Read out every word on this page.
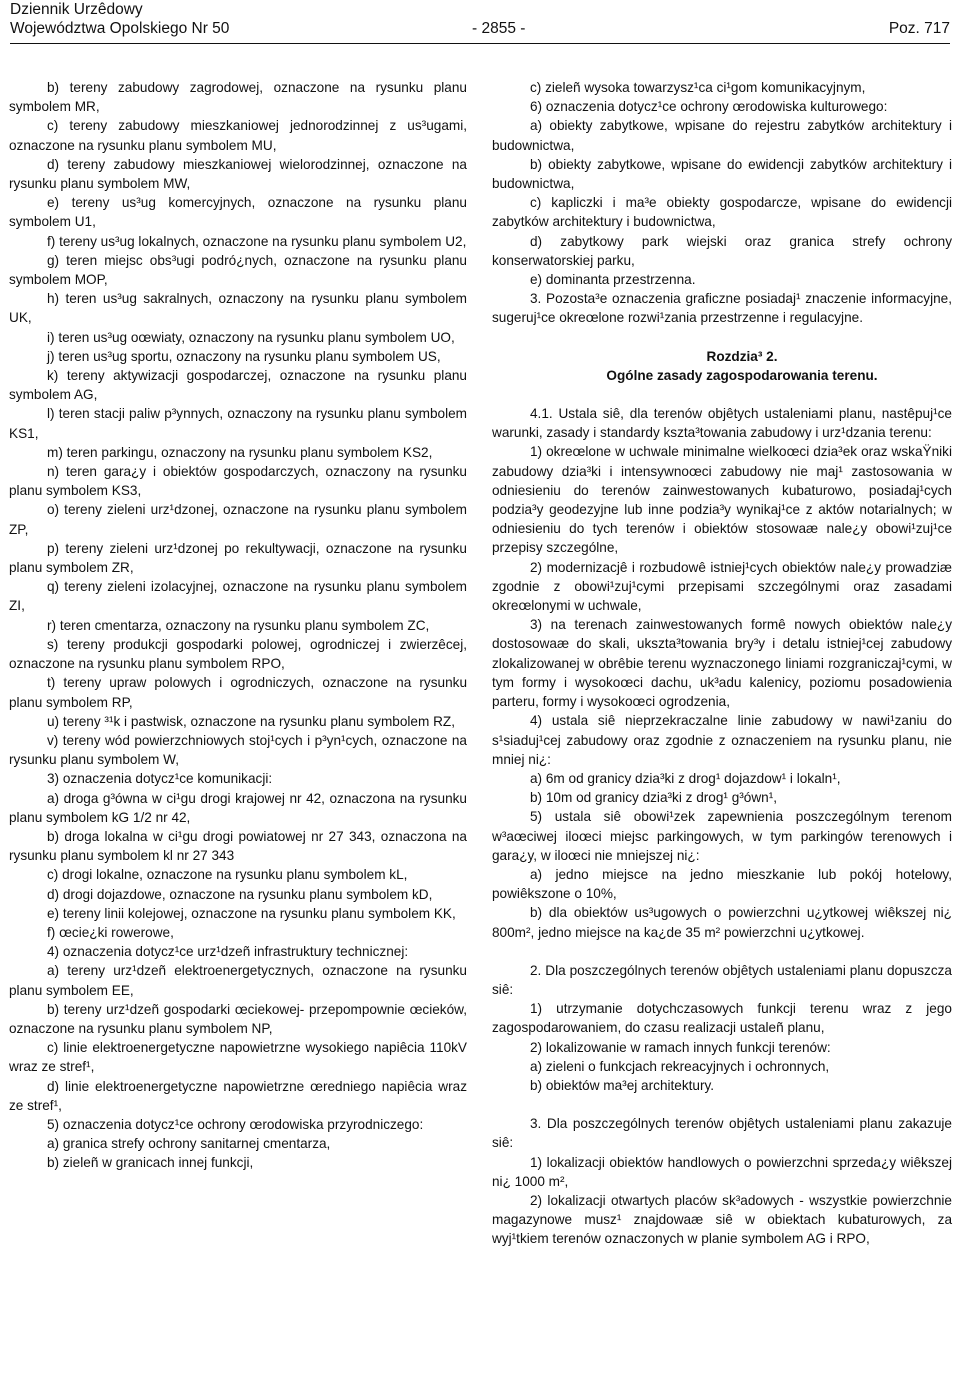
Dziennik Urzêdowy
Województwa Opolskiego Nr 50	- 2855 -	Poz. 717

b) tereny zabudowy zagrodowej, oznaczone na rysunku planu symbolem MR,

c) tereny zabudowy mieszkaniowej jednorodzinnej z us³ugami, oznaczone na rysunku planu symbolem MU,

d) tereny zabudowy mieszkaniowej wielorodzinnej, oznaczone na rysunku planu symbolem MW,

e) tereny us³ug komercyjnych, oznaczone na rysunku planu symbolem U1,

f) tereny us³ug lokalnych, oznaczone na rysunku planu symbolem U2,

g) teren miejsc obs³ugi podró¿nych, oznaczone na rysunku planu symbolem MOP,

h) teren us³ug sakralnych, oznaczony na rysunku planu symbolem UK,

i) teren us³ug oœwiaty, oznaczony na rysunku planu symbolem UO,

j) teren us³ug sportu, oznaczony na rysunku planu symbolem US,

k) tereny aktywizacji gospodarczej, oznaczone na rysunku planu symbolem AG,

l) teren stacji paliw p³ynnych, oznaczony na rysunku planu symbolem KS1,

m) teren parkingu, oznaczony na rysunku planu symbolem KS2,

n) teren gara¿y i obiektów gospodarczych, oznaczony na rysunku planu symbolem KS3,

o) tereny zieleni urz¹dzonej, oznaczone na rysunku planu symbolem ZP,

p) tereny zieleni urz¹dzonej po rekultywacji, oznaczone na rysunku planu symbolem ZR,

q) tereny zieleni izolacyjnej, oznaczone na rysunku planu symbolem ZI,

r) teren cmentarza, oznaczony na rysunku planu symbolem ZC,

s) tereny produkcji gospodarki polowej, ogrodniczej i zwierzêcej, oznaczone na rysunku planu symbolem RPO,

t) tereny upraw polowych i ogrodniczych, oznaczone na rysunku planu symbolem RP,

u) tereny ³¹k i pastwisk, oznaczone na rysunku planu symbolem RZ,

v) tereny wód powierzchniowych stoj¹cych i p³yn¹cych, oznaczone na rysunku planu symbolem W,

3) oznaczenia dotycz¹ce komunikacji:

a) droga g³ówna w ci¹gu drogi krajowej nr 42, oznaczona na rysunku planu symbolem kG 1/2 nr 42,

b) droga lokalna w ci¹gu drogi powiatowej nr 27 343, oznaczona na rysunku planu symbolem kl nr 27 343

c) drogi lokalne, oznaczone na rysunku planu symbolem kL,

d) drogi dojazdowe, oznaczone na rysunku planu symbolem kD,

e) tereny linii kolejowej, oznaczone na rysunku planu symbolem KK,

f) œcie¿ki rowerowe,

4) oznaczenia dotycz¹ce urz¹dzeñ infrastruktury technicznej:

a) tereny urz¹dzeñ elektroenergetycznych, oznaczone na rysunku planu symbolem EE,

b) tereny urz¹dzeñ gospodarki œciekowej- przepompownie œcieków, oznaczone na rysunku planu symbolem NP,

c) linie elektroenergetyczne napowietrzne wysokiego napiêcia 110kV wraz ze stref¹,

d) linie elektroenergetyczne napowietrzne œredniego napiêcia wraz ze stref¹,

5) oznaczenia dotycz¹ce ochrony œrodowiska przyrodniczego:

a) granica strefy ochrony sanitarnej cmentarza,

b) zieleñ w granicach innej funkcji,

c) zieleñ wysoka towarzysz¹ca ci¹gom komunikacyjnym,

6) oznaczenia dotycz¹ce ochrony œrodowiska kulturowego:

a) obiekty zabytkowe, wpisane do rejestru zabytków architektury i budownictwa,

b) obiekty zabytkowe, wpisane do ewidencji zabytków architektury i budownictwa,

c) kapliczki i ma³e obiekty gospodarcze, wpisane do ewidencji zabytków architektury i budownictwa,

d) zabytkowy park wiejski oraz granica strefy ochrony konserwatorskiej parku,

e) dominanta przestrzenna.

3. Pozosta³e oznaczenia graficzne posiadaj¹ znaczenie informacyjne, sugeruj¹ce okreœlone rozwi¹zania przestrzenne i regulacyjne.

Rozdzia³ 2.

Ogólne zasady zagospodarowania terenu.

4.1. Ustala siê, dla terenów objêtych ustaleniami planu, nastêpuj¹ce warunki, zasady i standardy kszta³towania zabudowy i urz¹dzania terenu:

1) okreœlone w uchwale minimalne wielkoœci dzia³ek oraz wskaŸniki zabudowy dzia³ki i intensywnoœci zabudowy nie maj¹ zastosowania w odniesieniu do terenów zainwestowanych kubaturowo, posiadaj¹cych podzia³y geodezyjne lub inne podzia³y wynikaj¹ce z aktów notarialnych; w odniesieniu do tych terenów i obiektów stosowaæ nale¿y obowi¹zuj¹ce przepisy szczególne,

2) modernizacjê i rozbudowê istniej¹cych obiektów nale¿y prowadziæ zgodnie z obowi¹zuj¹cymi przepisami szczególnymi oraz zasadami okreœlonymi w uchwale,

3) na terenach zainwestowanych formê nowych obiektów nale¿y dostosowaæ do skali, ukszta³towania bry³y i detalu istniej¹cej zabudowy zlokalizowanej w obrêbie terenu wyznaczonego liniami rozgraniczaj¹cymi, w tym formy i wysokoœci dachu, uk³adu kalenicy, poziomu posadowienia parteru, formy i wysokoœci ogrodzenia,

4) ustala siê nieprzekraczalne linie zabudowy w nawi¹zaniu do s¹siaduj¹cej zabudowy oraz zgodnie z oznaczeniem na rysunku planu, nie mniej ni¿:

a) 6m od granicy dzia³ki z drog¹ dojazdow¹ i lokaln¹,

b) 10m od granicy dzia³ki z drog¹ g³ówn¹,

5) ustala siê obowi¹zek zapewnienia poszczególnym terenom w³aœciwej iloœci miejsc parkingowych, w tym parkingów terenowych i gara¿y, w iloœci nie mniejszej ni¿:

a) jedno miejsce na jedno mieszkanie lub pokój hotelowy, powiêkszone o 10%,

b) dla obiektów us³ugowych o powierzchni u¿ytkowej wiêkszej ni¿ 800m², jedno miejsce na ka¿de 35 m² powierzchni u¿ytkowej.

2. Dla poszczególnych terenów objêtych ustaleniami planu dopuszcza siê:

1) utrzymanie dotychczasowych funkcji terenu wraz z jego zagospodarowaniem, do czasu realizacji ustaleñ planu,

2) lokalizowanie w ramach innych funkcji terenów:

a) zieleni o funkcjach rekreacyjnych i ochronnych,

b) obiektów ma³ej architektury.

3. Dla poszczególnych terenów objêtych ustaleniami planu zakazuje siê:

1) lokalizacji obiektów handlowych o powierzchni sprzeda¿y wiêkszej ni¿ 1000 m²,

2) lokalizacji otwartych placów sk³adowych - wszystkie powierzchnie magazynowe musz¹ znajdowaæ siê w obiektach kubaturowych, za wyj¹tkiem terenów oznaczonych w planie symbolem AG i RPO,
